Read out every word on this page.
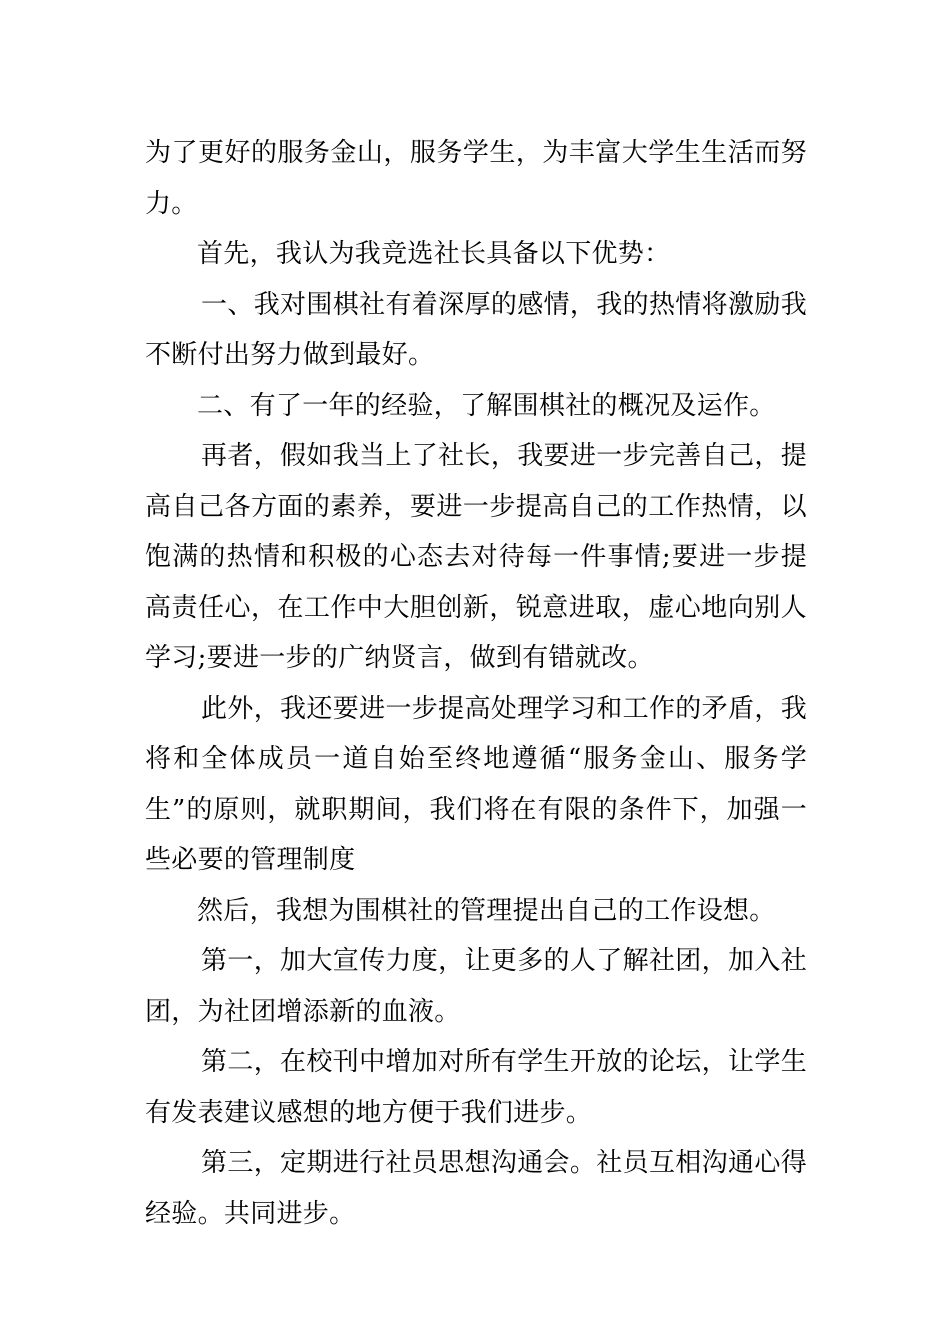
为了更好的服务金山，服务学生，为丰富大学生生活而努力。

首先，我认为我竞选社长具备以下优势：

一、我对围棋社有着深厚的感情，我的热情将激励我不断付出努力做到最好。

二、有了一年的经验，了解围棋社的概况及运作。

再者，假如我当上了社长，我要进一步完善自己，提高自己各方面的素养，要进一步提高自己的工作热情，以饱满的热情和积极的心态去对待每一件事情;要进一步提高责任心，在工作中大胆创新，锐意进取，虚心地向别人学习;要进一步的广纳贤言，做到有错就改。

此外，我还要进一步提高处理学习和工作的矛盾，我将和全体成员一道自始至终地遵循“服务金山、服务学生”的原则，就职期间，我们将在有限的条件下，加强一些必要的管理制度

然后，我想为围棋社的管理提出自己的工作设想。

第一，加大宣传力度，让更多的人了解社团，加入社团，为社团增添新的血液。

第二，在校刊中增加对所有学生开放的论坛，让学生有发表建议感想的地方便于我们进步。

第三，定期进行社员思想沟通会。社员互相沟通心得经验。共同进步。
